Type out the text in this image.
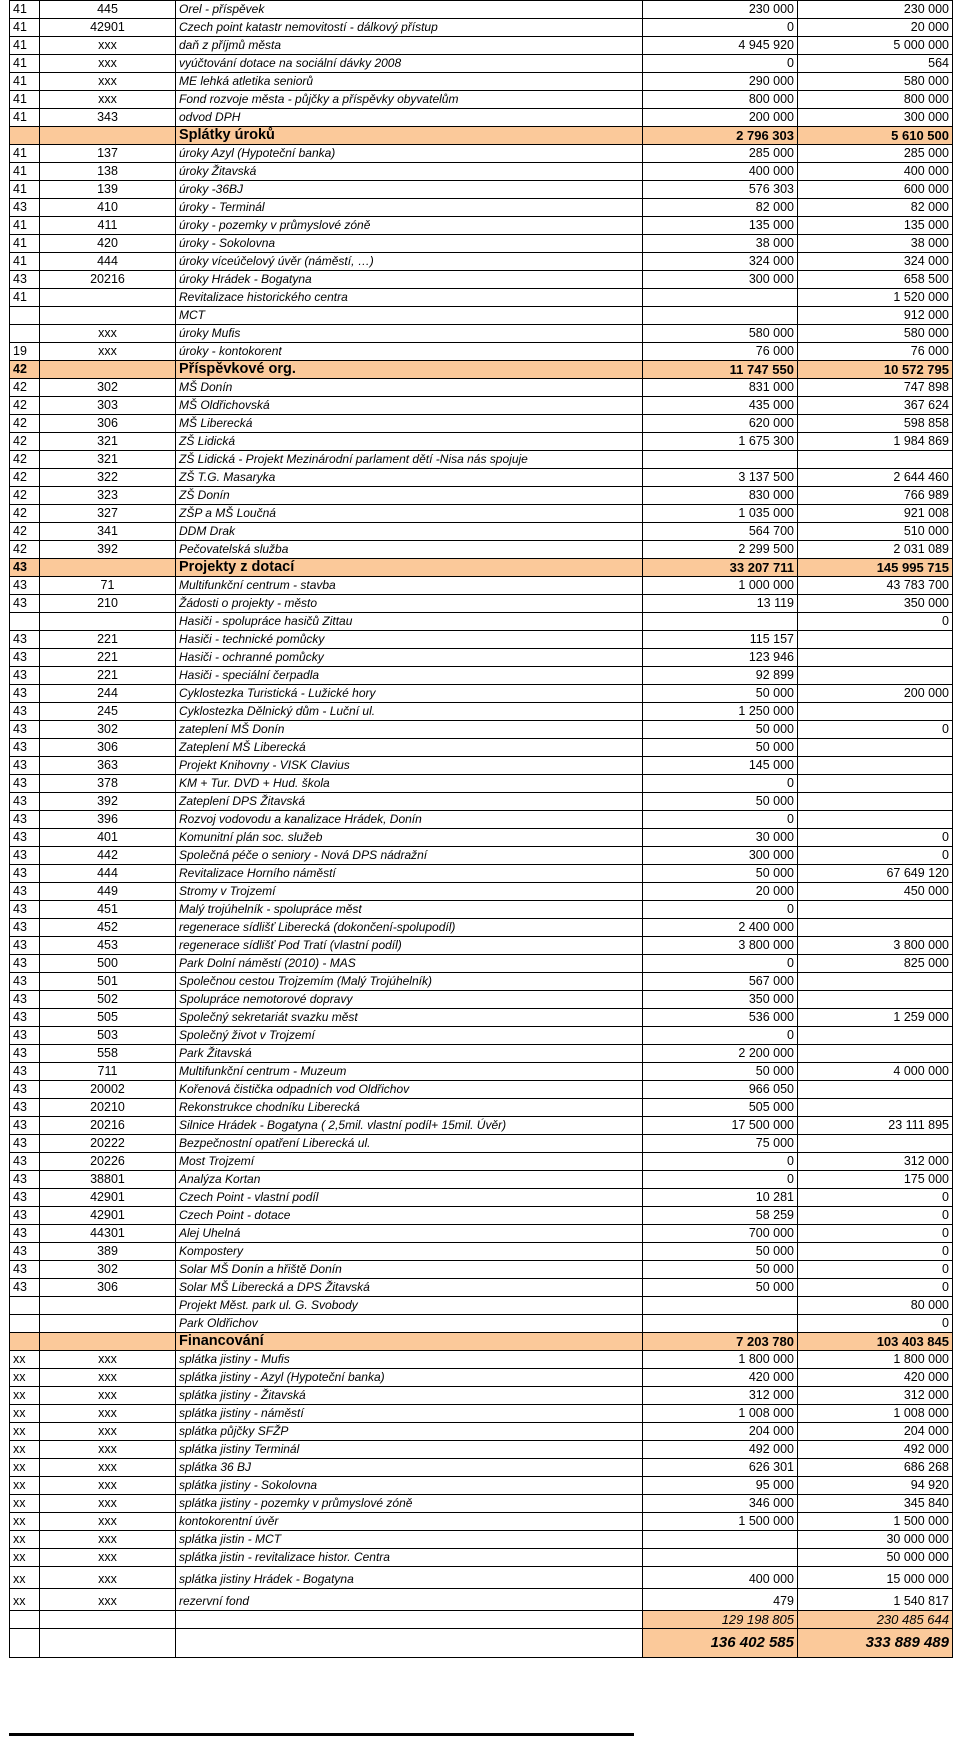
41	445	Orel - příspěvek	230 000	230 000
41	42901	Czech point katastr nemovitostí - dálkový přístup	0	20 000
41	xxx	daň z příjmů města	4 945 920	5 000 000
41	xxx	vyúčtování dotace na sociální dávky 2008	0	564
41	xxx	ME lehká atletika seniorů	290 000	580 000
41	xxx	Fond rozvoje města - půjčky a příspěvky obyvatelům	800 000	800 000
41	343	odvod DPH	200 000	300 000
		Splátky úroků	2 796 303	5 610 500
41	137	úroky Azyl (Hypoteční banka)	285 000	285 000
41	138	úroky Žitavská	400 000	400 000
41	139	úroky -36BJ	576 303	600 000
43	410	úroky - Terminál	82 000	82 000
41	411	úroky - pozemky v průmyslové zóně	135 000	135 000
41	420	úroky - Sokolovna	38 000	38 000
41	444	úroky víceúčelový úvěr (náměstí, …)	324 000	324 000
43	20216	úroky Hrádek - Bogatyna	300 000	658 500
41		Revitalizace historického centra		1 520 000
		MCT		912 000
	xxx	úroky Mufis	580 000	580 000
19	xxx	úroky - kontokorent	76 000	76 000
42		Příspěvkové org.	11 747 550	10 572 795
42	302	MŠ Donín	831 000	747 898
42	303	MŠ Oldřichovská	435 000	367 624
42	306	MŠ Liberecká	620 000	598 858
42	321	ZŠ Lidická	1 675 300	1 984 869
42	321	ZŠ Lidická - Projekt Mezinárodní parlament dětí -Nisa nás spojuje		
42	322	ZŠ T.G. Masaryka	3 137 500	2 644 460
42	323	ZŠ Donín	830 000	766 989
42	327	ZŠP a MŠ Loučná	1 035 000	921 008
42	341	DDM Drak	564 700	510 000
42	392	Pečovatelská služba	2 299 500	2 031 089
43		Projekty z dotací	33 207 711	145 995 715
43	71	Multifunkční centrum - stavba	1 000 000	43 783 700
43	210	Žádosti o projekty - město	13 119	350 000
		Hasiči - spolupráce hasičů Zittau		0
43	221	Hasiči - technické pomůcky	115 157	
43	221	Hasiči - ochranné pomůcky	123 946	
43	221	Hasiči - speciální čerpadla	92 899	
43	244	Cyklostezka Turistická - Lužické hory	50 000	200 000
43	245	Cyklostezka Dělnický dům - Luční ul.	1 250 000	
43	302	zateplení MŠ Donín	50 000	0
43	306	Zateplení MŠ Liberecká	50 000	
43	363	Projekt Knihovny - VISK Clavius	145 000	
43	378	KM + Tur. DVD + Hud. škola	0	
43	392	Zateplení DPS Žitavská	50 000	
43	396	Rozvoj vodovodu a kanalizace Hrádek, Donín	0	
43	401	Komunitní plán soc. služeb	30 000	0
43	442	Společná péče o seniory - Nová DPS nádražní	300 000	0
43	444	Revitalizace Horního náměstí	50 000	67 649 120
43	449	Stromy v Trojzemí	20 000	450 000
43	451	Malý trojúhelník - spolupráce měst	0	
43	452	regenerace sídlišť Liberecká (dokončení-spolupodíl)	2 400 000	
43	453	regenerace sídlišť Pod Tratí (vlastní podíl)	3 800 000	3 800 000
43	500	Park Dolní náměstí (2010) - MAS	0	825 000
43	501	Společnou cestou Trojzemím (Malý Trojúhelník)	567 000	
43	502	Spolupráce nemotorové dopravy	350 000	
43	505	Společný sekretariát svazku měst	536 000	1 259 000
43	503	Společný život v Trojzemí	0	
43	558	Park Žitavská	2 200 000	
43	711	Multifunkční centrum - Muzeum	50 000	4 000 000
43	20002	Kořenová čistička odpadních vod Oldřichov	966 050	
43	20210	Rekonstrukce chodníku Liberecká	505 000	
43	20216	Silnice Hrádek - Bogatyna ( 2,5mil. vlastní podíl+ 15mil. Úvěr)	17 500 000	23 111 895
43	20222	Bezpečnostní opatření Liberecká ul.	75 000	
43	20226	Most Trojzemí	0	312 000
43	38801	Analýza Kortan	0	175 000
43	42901	Czech Point - vlastní podíl	10 281	0
43	42901	Czech Point - dotace	58 259	0
43	44301	Alej Uhelná	700 000	0
43	389	Kompostery	50 000	0
43	302	Solar MŠ Donín a hřiště Donín	50 000	0
43	306	Solar MŠ Liberecká a DPS Žitavská	50 000	0
		Projekt Měst. park ul. G. Svobody		80 000
		Park Oldřichov		0
		Financování	7 203 780	103 403 845
xx	xxx	splátka jistiny - Mufis	1 800 000	1 800 000
xx	xxx	splátka jistiny - Azyl (Hypoteční banka)	420 000	420 000
xx	xxx	splátka jistiny - Žitavská	312 000	312 000
xx	xxx	splátka jistiny - náměstí	1 008 000	1 008 000
xx	xxx	splátka půjčky SFŽP	204 000	204 000
xx	xxx	splátka jistiny Terminál	492 000	492 000
xx	xxx	splátka 36 BJ	626 301	686 268
xx	xxx	splátka jistiny - Sokolovna	95 000	94 920
xx	xxx	splátka jistiny - pozemky v průmyslové zóně	346 000	345 840
xx	xxx	kontokorentní úvěr	1 500 000	1 500 000
xx	xxx	splátka jistin - MCT		30 000 000
xx	xxx	splátka jistin - revitalizace histor. Centra		50 000 000
xx	xxx	splátka jistiny Hrádek - Bogatyna	400 000	15 000 000
xx	xxx	rezervní fond	479	1 540 817
			129 198 805	230 485 644
			136 402 585	333 889 489
